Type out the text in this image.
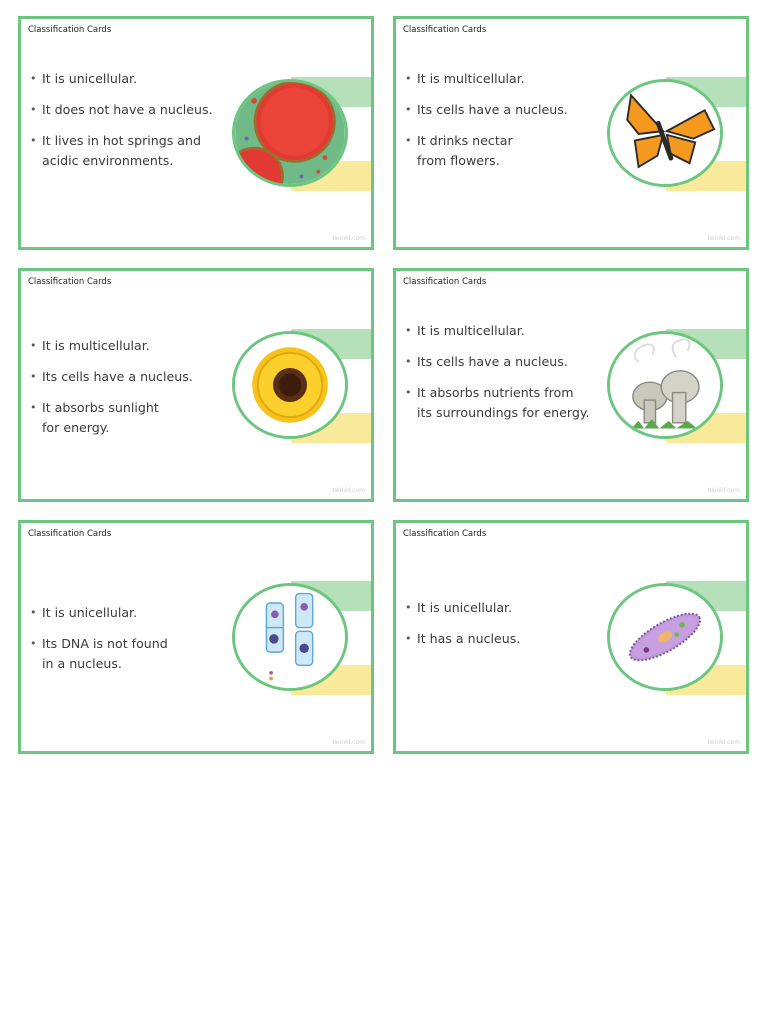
Classification Cards
• It is unicellular.
• It does not have a nucleus.
• It lives in hot springs and
acidic environments.
twinkl.com
Classification Cards
• It is multicellular.
• Its cells have a nucleus.
• It drinks nectar
from flowers.
twinkl.com
Classification Cards
• It is multicellular.
• Its cells have a nucleus.
• It absorbs sunlight
for energy.
twinkl.com
Classification Cards
• It is multicellular.
• Its cells have a nucleus.
• It absorbs nutrients from
its surroundings for energy.
twinkl.com
Classification Cards
• It is unicellular.
• Its DNA is not found
in a nucleus.
twinkl.com
Classification Cards
• It is unicellular.
• It has a nucleus.
twinkl.com
